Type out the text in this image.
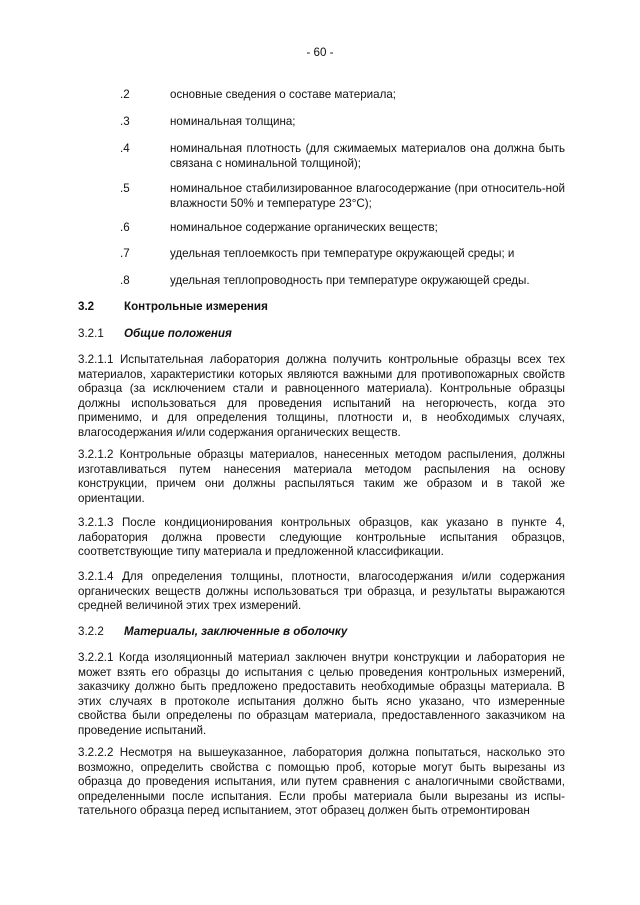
- 60 -
.2	основные сведения о составе материала;
.3	номинальная толщина;
.4	номинальная плотность (для сжимаемых материалов она должна быть связана с номинальной толщиной);
.5	номинальное стабилизированное влагосодержание (при относитель-ной влажности 50% и температуре 23°C);
.6	номинальное содержание органических веществ;
.7	удельная теплоемкость при температуре окружающей среды; и
.8	удельная теплопроводность при температуре окружающей среды.
3.2	Контрольные измерения
3.2.1 Общие положения
3.2.1.1 Испытательная лаборатория должна получить контрольные образцы всех тех материалов, характеристики которых являются важными для противопожарных свойств образца (за исключением стали и равноценного материала). Контрольные образцы должны использоваться для проведения испытаний на негорючесть, когда это применимо, и для определения толщины, плотности и, в необходимых случаях, влагосодержания и/или содержания органических веществ.
3.2.1.2 Контрольные образцы материалов, нанесенных методом распыления, должны изготавливаться путем нанесения материала методом распыления на основу конструкции, причем они должны распыляться таким же образом и в такой же ориентации.
3.2.1.3 После кондиционирования контрольных образцов, как указано в пункте 4, лаборатория должна провести следующие контрольные испытания образцов, соответствующие типу материала и предложенной классификации.
3.2.1.4 Для определения толщины, плотности, влагосодержания и/или содержания органических веществ должны использоваться три образца, и результаты выражаются средней величиной этих трех измерений.
3.2.2 Материалы, заключенные в оболочку
3.2.2.1 Когда изоляционный материал заключен внутри конструкции и лаборатория не может взять его образцы до испытания с целью проведения контрольных измерений, заказчику должно быть предложено предоставить необходимые образцы материала. В этих случаях в протоколе испытания должно быть ясно указано, что измеренные свойства были определены по образцам материала, предоставленного заказчиком на проведение испытаний.
3.2.2.2 Несмотря на вышеуказанное, лаборатория должна попытаться, насколько это возможно, определить свойства с помощью проб, которые могут быть вырезаны из образца до проведения испытания, или путем сравнения с аналогичными свойствами, определенными после испытания. Если пробы материала были вырезаны из испы-тательного образца перед испытанием, этот образец должен быть отремонтирован
